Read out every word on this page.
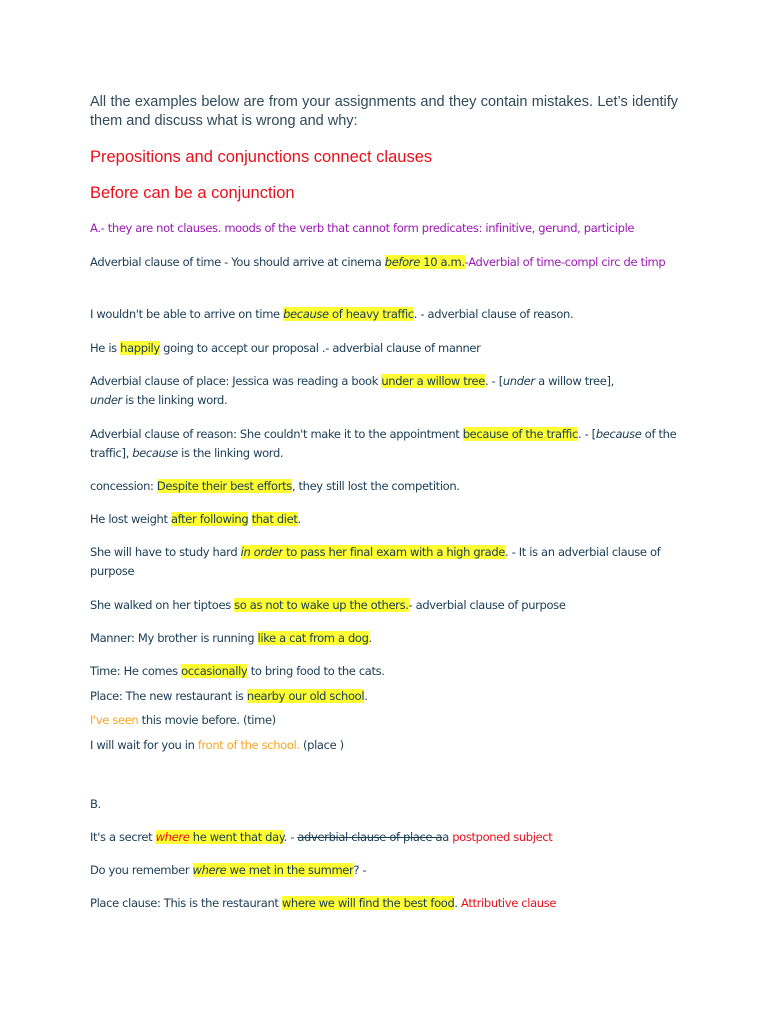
All the examples below are from your assignments and they contain mistakes. Let’s identify them and discuss what is wrong and why:

Prepositions and conjunctions connect clauses

Before can be a conjunction

A.- they are not clauses. moods of the verb that cannot form predicates: infinitive, gerund, participle

Adverbial clause of time - You should arrive at cinema before 10 a.m.-Adverbial of time-compl circ de timp

I wouldn't be able to arrive on time because of heavy traffic. - adverbial clause of reason.

He is happily going to accept our proposal .- adverbial clause of manner

Adverbial clause of place: Jessica was reading a book under a willow tree. - [under a willow tree], under is the linking word.

Adverbial clause of reason: She couldn't make it to the appointment because of the traffic. - [because of the traffic], because is the linking word.

concession: Despite their best efforts, they still lost the competition.

He lost weight after following that diet.

She will have to study hard in order to pass her final exam with a high grade. - It is an adverbial clause of purpose

She walked on her tiptoes so as not to wake up the others.- adverbial clause of purpose

Manner: My brother is running like a cat from a dog.

Time: He comes occasionally to bring food to the cats.

Place: The new restaurant is nearby our old school.

I've seen this movie before. (time)

I will wait for you in front of the school. (place )

B.

It's a secret where he went that day. - adverbial clause of place aa postponed subject

Do you remember where we met in the summer? -

Place clause: This is the restaurant where we will find the best food. Attributive clause
